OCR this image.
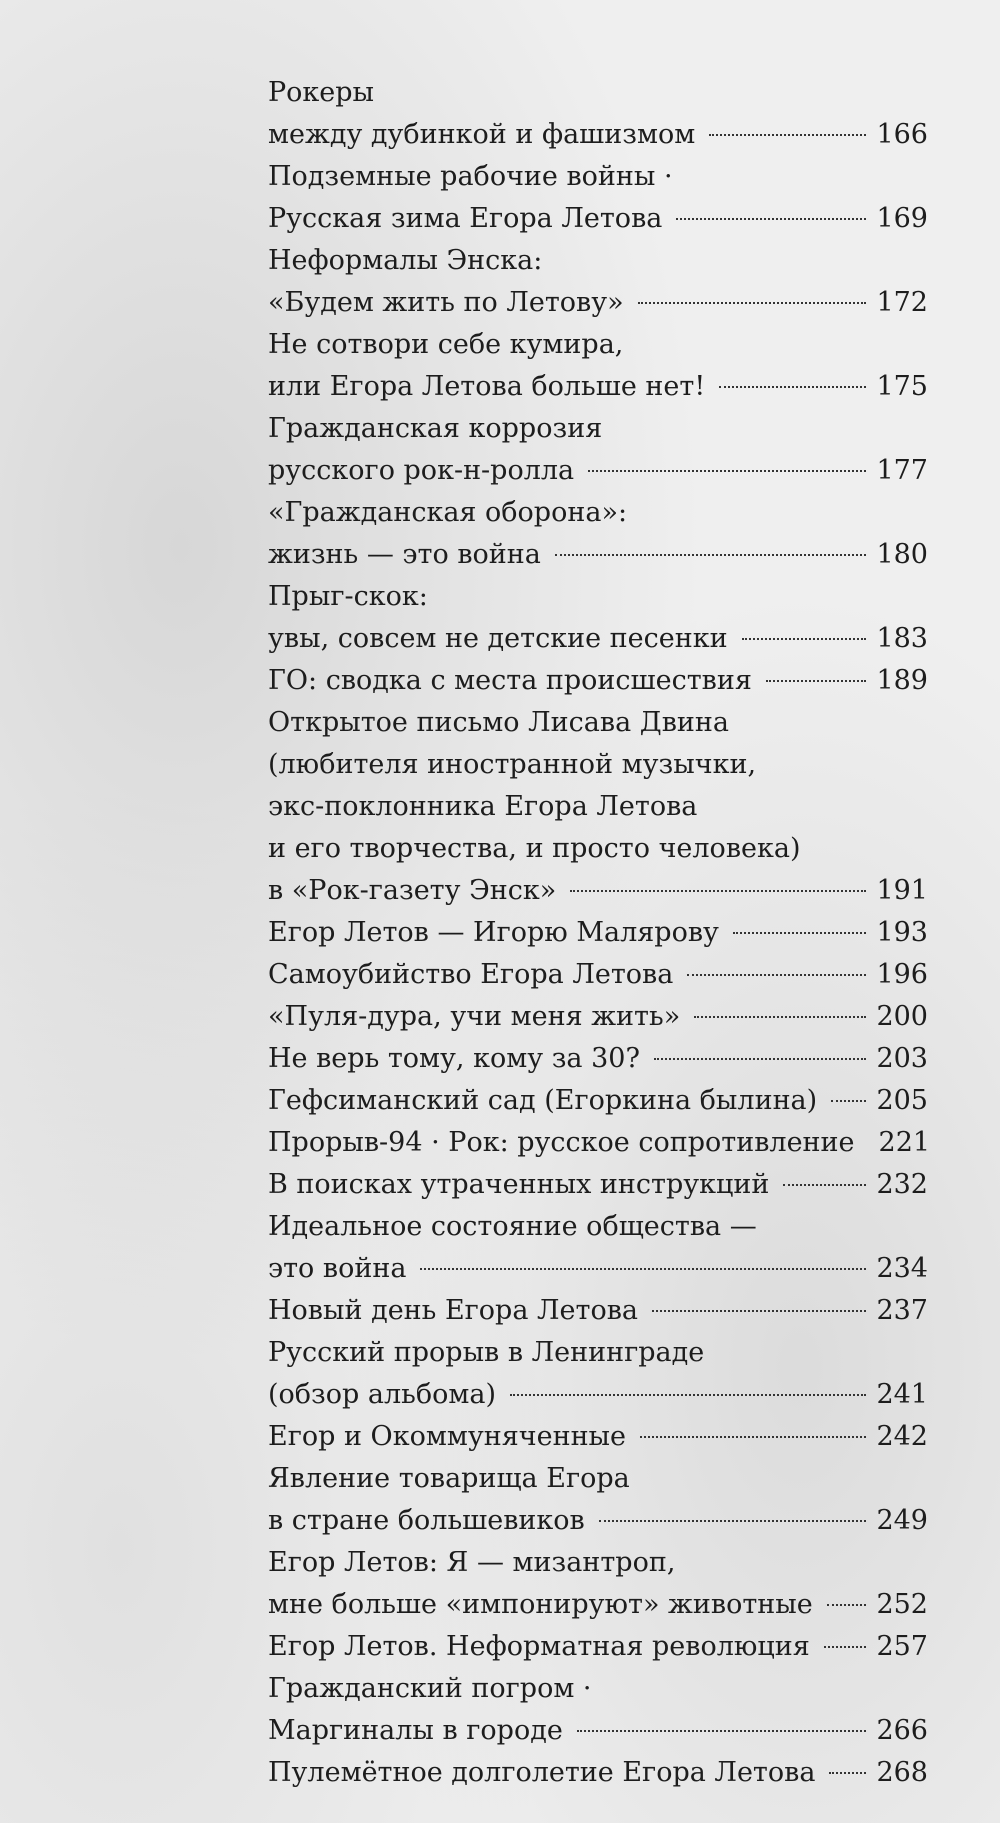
Рокеры
между дубинкой и фашизмом	166
Подземные рабочие войны ·
Русская зима Егора Летова	169
Неформалы Энска:
«Будем жить по Летову»	172
Не сотвори себе кумира,
или Егора Летова больше нет!	175
Гражданская коррозия
русского рок-н-ролла	177
«Гражданская оборона»:
жизнь — это война	180
Прыг-скок:
увы, совсем не детские песенки	183
ГО: сводка с места происшествия	189
Открытое письмо Лисава Двина
(любителя иностранной музычки,
экс-поклонника Егора Летова
и его творчества, и просто человека)
в «Рок-газету Энск»	191
Егор Летов — Игорю Малярову	193
Самоубийство Егора Летова	196
«Пуля-дура, учи меня жить»	200
Не верь тому, кому за 30?	203
Гефсиманский сад (Егоркина былина) 205
Прорыв-94 · Рок: русское сопротивление 221
В поисках утраченных инструкций	232
Идеальное состояние общества —
это война	234
Новый день Егора Летова	237
Русский прорыв в Ленинграде
(обзор альбома)	241
Егор и Окоммуняченные	242
Явление товарища Егора
в стране большевиков	249
Егор Летов: Я — мизантроп,
мне больше «импонируют» животные 252
Егор Летов. Неформатная революция 257
Гражданский погром ·
Маргиналы в городе	266
Пулемётное долголетие Егора Летова 268
